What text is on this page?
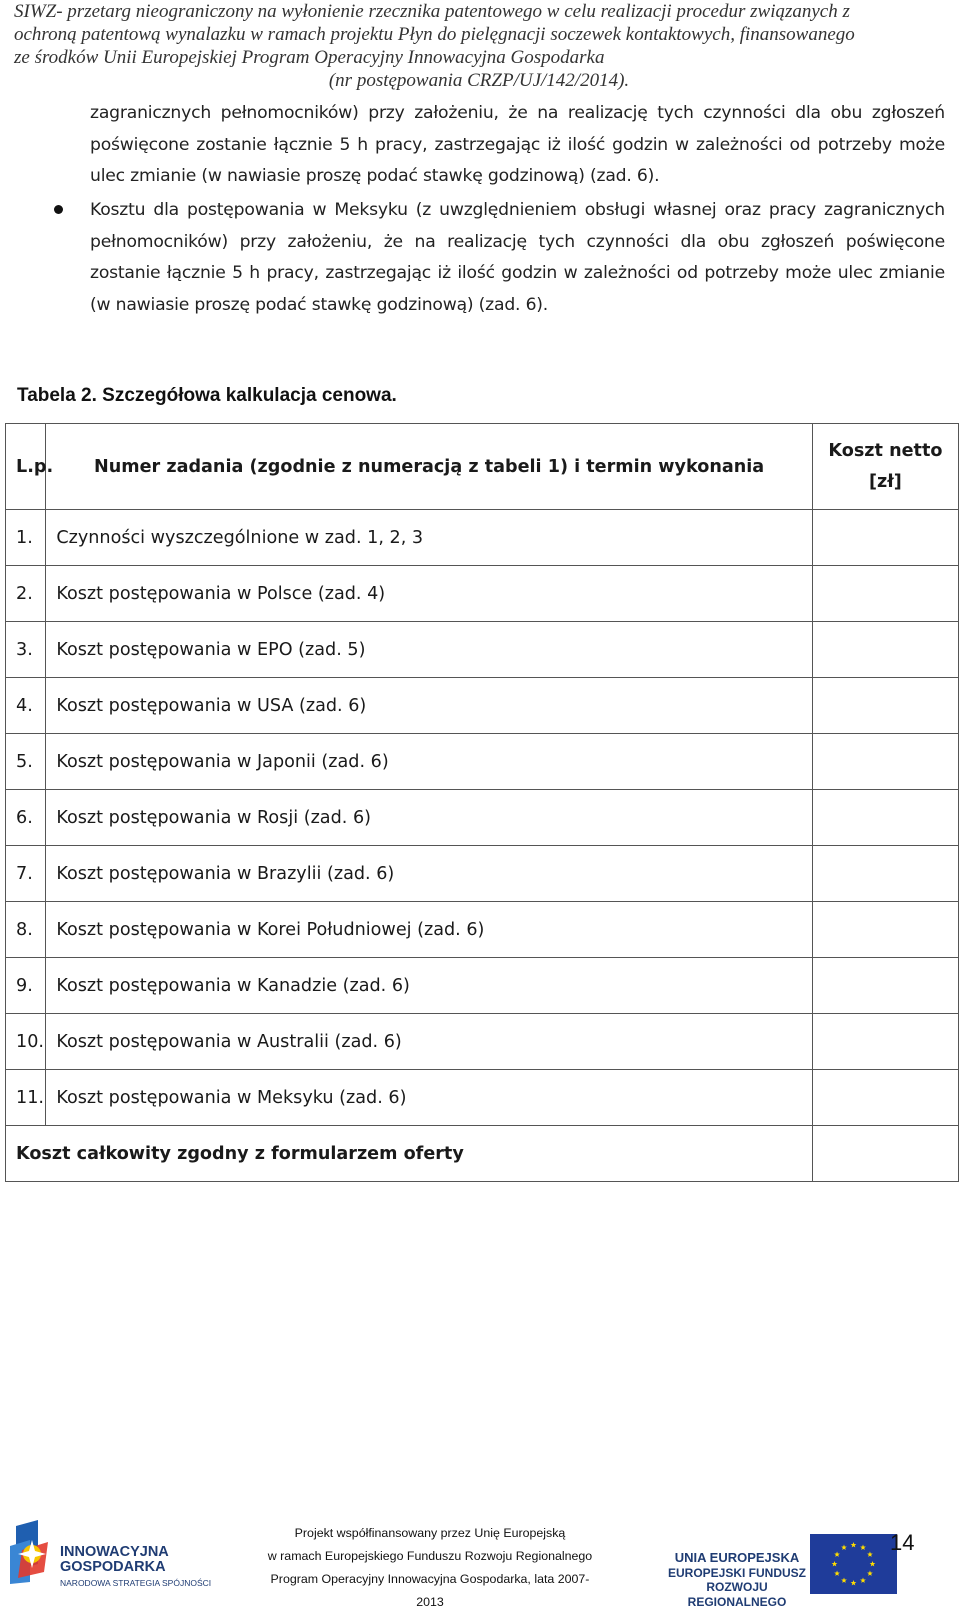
SIWZ- przetarg nieograniczony na wyłonienie rzecznika patentowego w celu realizacji procedur związanych z
ochroną patentową wynalazku w ramach projektu Płyn do pielęgnacji soczewek kontaktowych, finansowanego
ze środków Unii Europejskiej Program Operacyjny Innowacyjna Gospodarka
(nr postępowania CRZP/UJ/142/2014).
zagranicznych pełnomocników) przy założeniu, że na realizację tych czynności dla obu zgłoszeń poświęcone zostanie łącznie 5 h pracy, zastrzegając iż ilość godzin w zależności od potrzeby może ulec zmianie (w nawiasie proszę podać stawkę godzinową) (zad. 6).
Kosztu dla postępowania w Meksyku (z uwzględnieniem obsługi własnej oraz pracy zagranicznych pełnomocników) przy założeniu, że na realizację tych czynności dla obu zgłoszeń poświęcone zostanie łącznie 5 h pracy, zastrzegając iż ilość godzin w zależności od potrzeby może ulec zmianie (w nawiasie proszę podać stawkę godzinową) (zad. 6).
Tabela 2. Szczegółowa kalkulacja cenowa.
L.p.	Numer zadania (zgodnie z numeracją z tabeli 1) i termin wykonania	Koszt netto
[zł]
1.	Czynności wyszczególnione w zad. 1, 2, 3	
2.	Koszt postępowania w Polsce (zad. 4)	
3.	Koszt postępowania w EPO (zad. 5)	
4.	Koszt postępowania w USA (zad. 6)	
5.	Koszt postępowania w Japonii (zad. 6)	
6.	Koszt postępowania w Rosji (zad. 6)	
7.	Koszt postępowania w Brazylii (zad. 6)	
8.	Koszt postępowania w Korei Południowej (zad. 6)	
9.	Koszt postępowania w Kanadzie (zad. 6)	
10.	Koszt postępowania w Australii (zad. 6)	
11.	Koszt postępowania w Meksyku (zad. 6)	
Koszt całkowity zgodny z formularzem oferty		
INNOWACYJNA
GOSPODARKA
NARODOWA STRATEGIA SPÓJNOŚCI
Projekt współfinansowany przez Unię Europejską
w ramach Europejskiego Funduszu Rozwoju Regionalnego
Program Operacyjny Innowacyjna Gospodarka, lata 2007-2013
UNIA EUROPEJSKA
EUROPEJSKI FUNDUSZ
ROZWOJU REGIONALNEGO
14
